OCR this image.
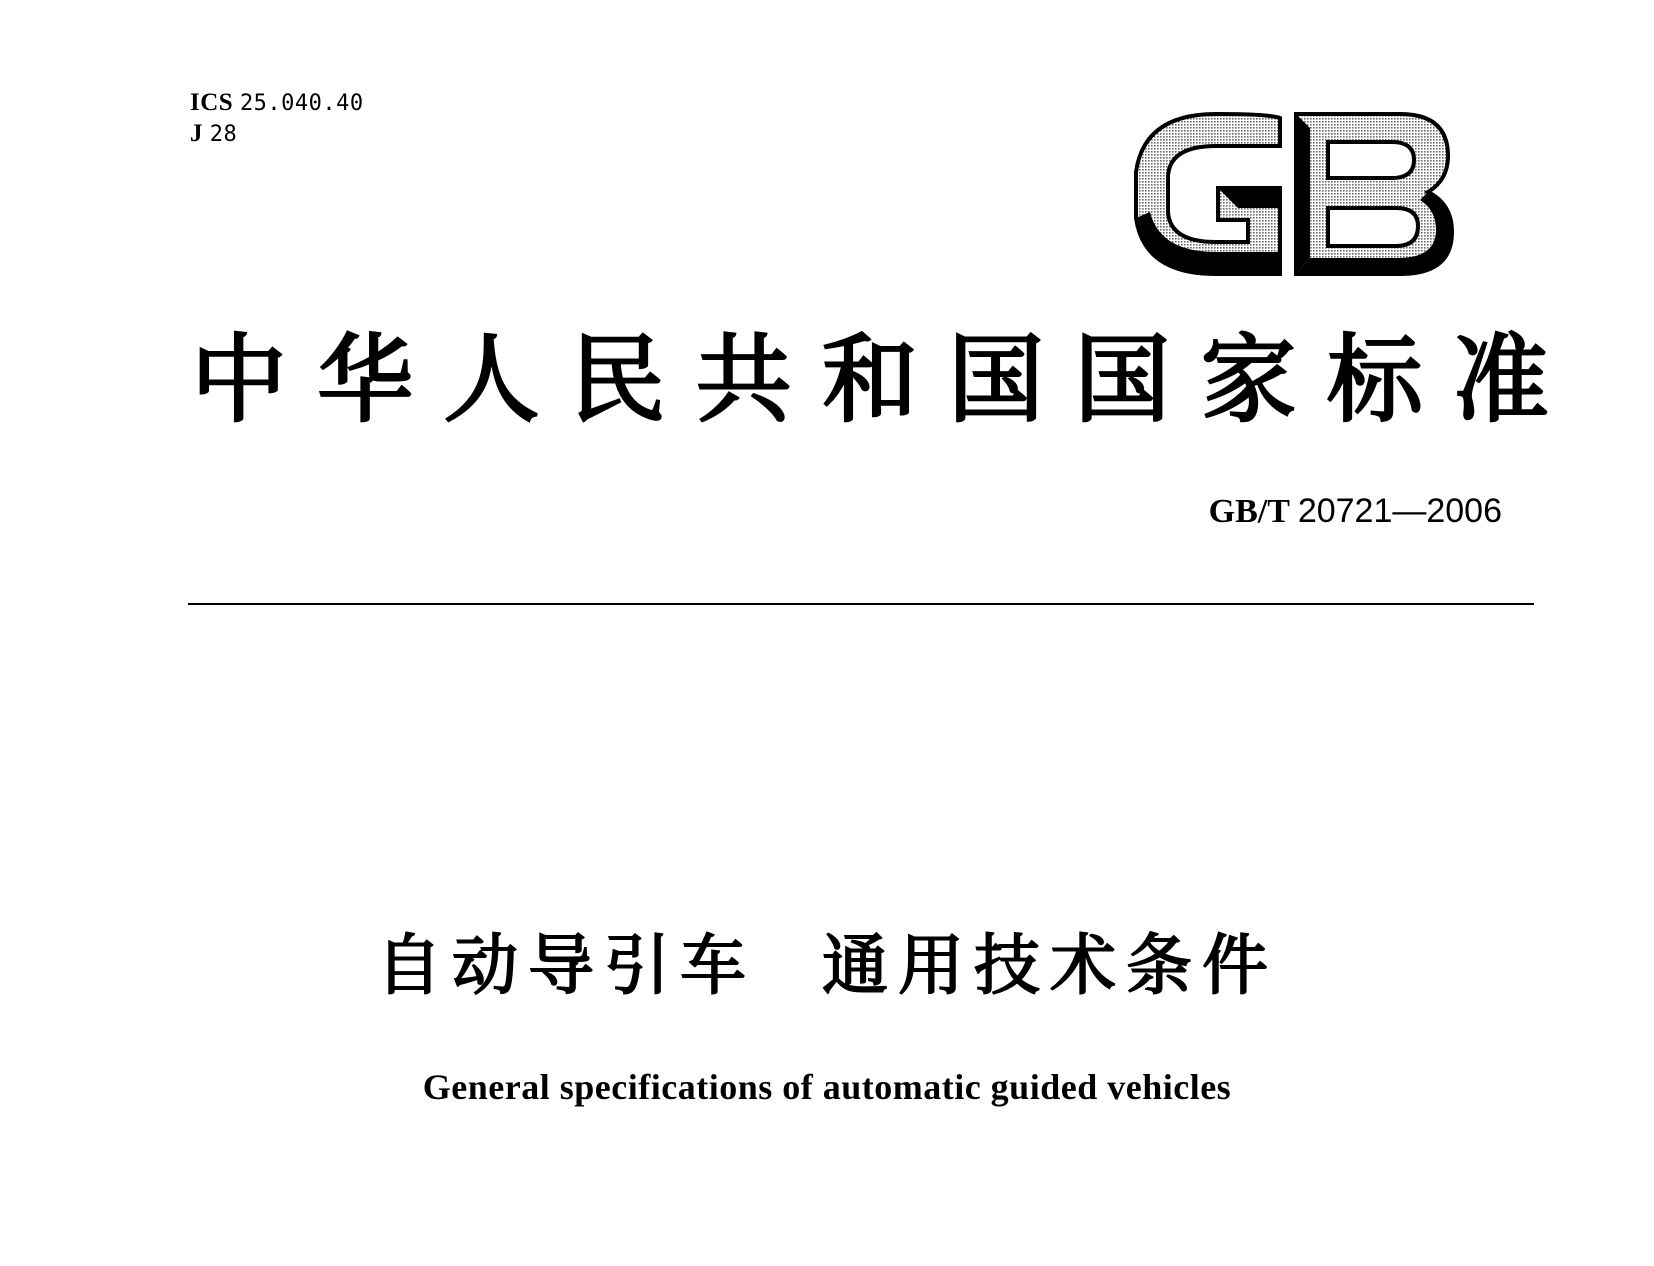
ICS 25.040.40
J 28
中 华 人 民 共 和 国 国 家 标 准
GB/T 20721—2006
自动导引车  通用技术条件
General specifications of automatic guided vehicles
